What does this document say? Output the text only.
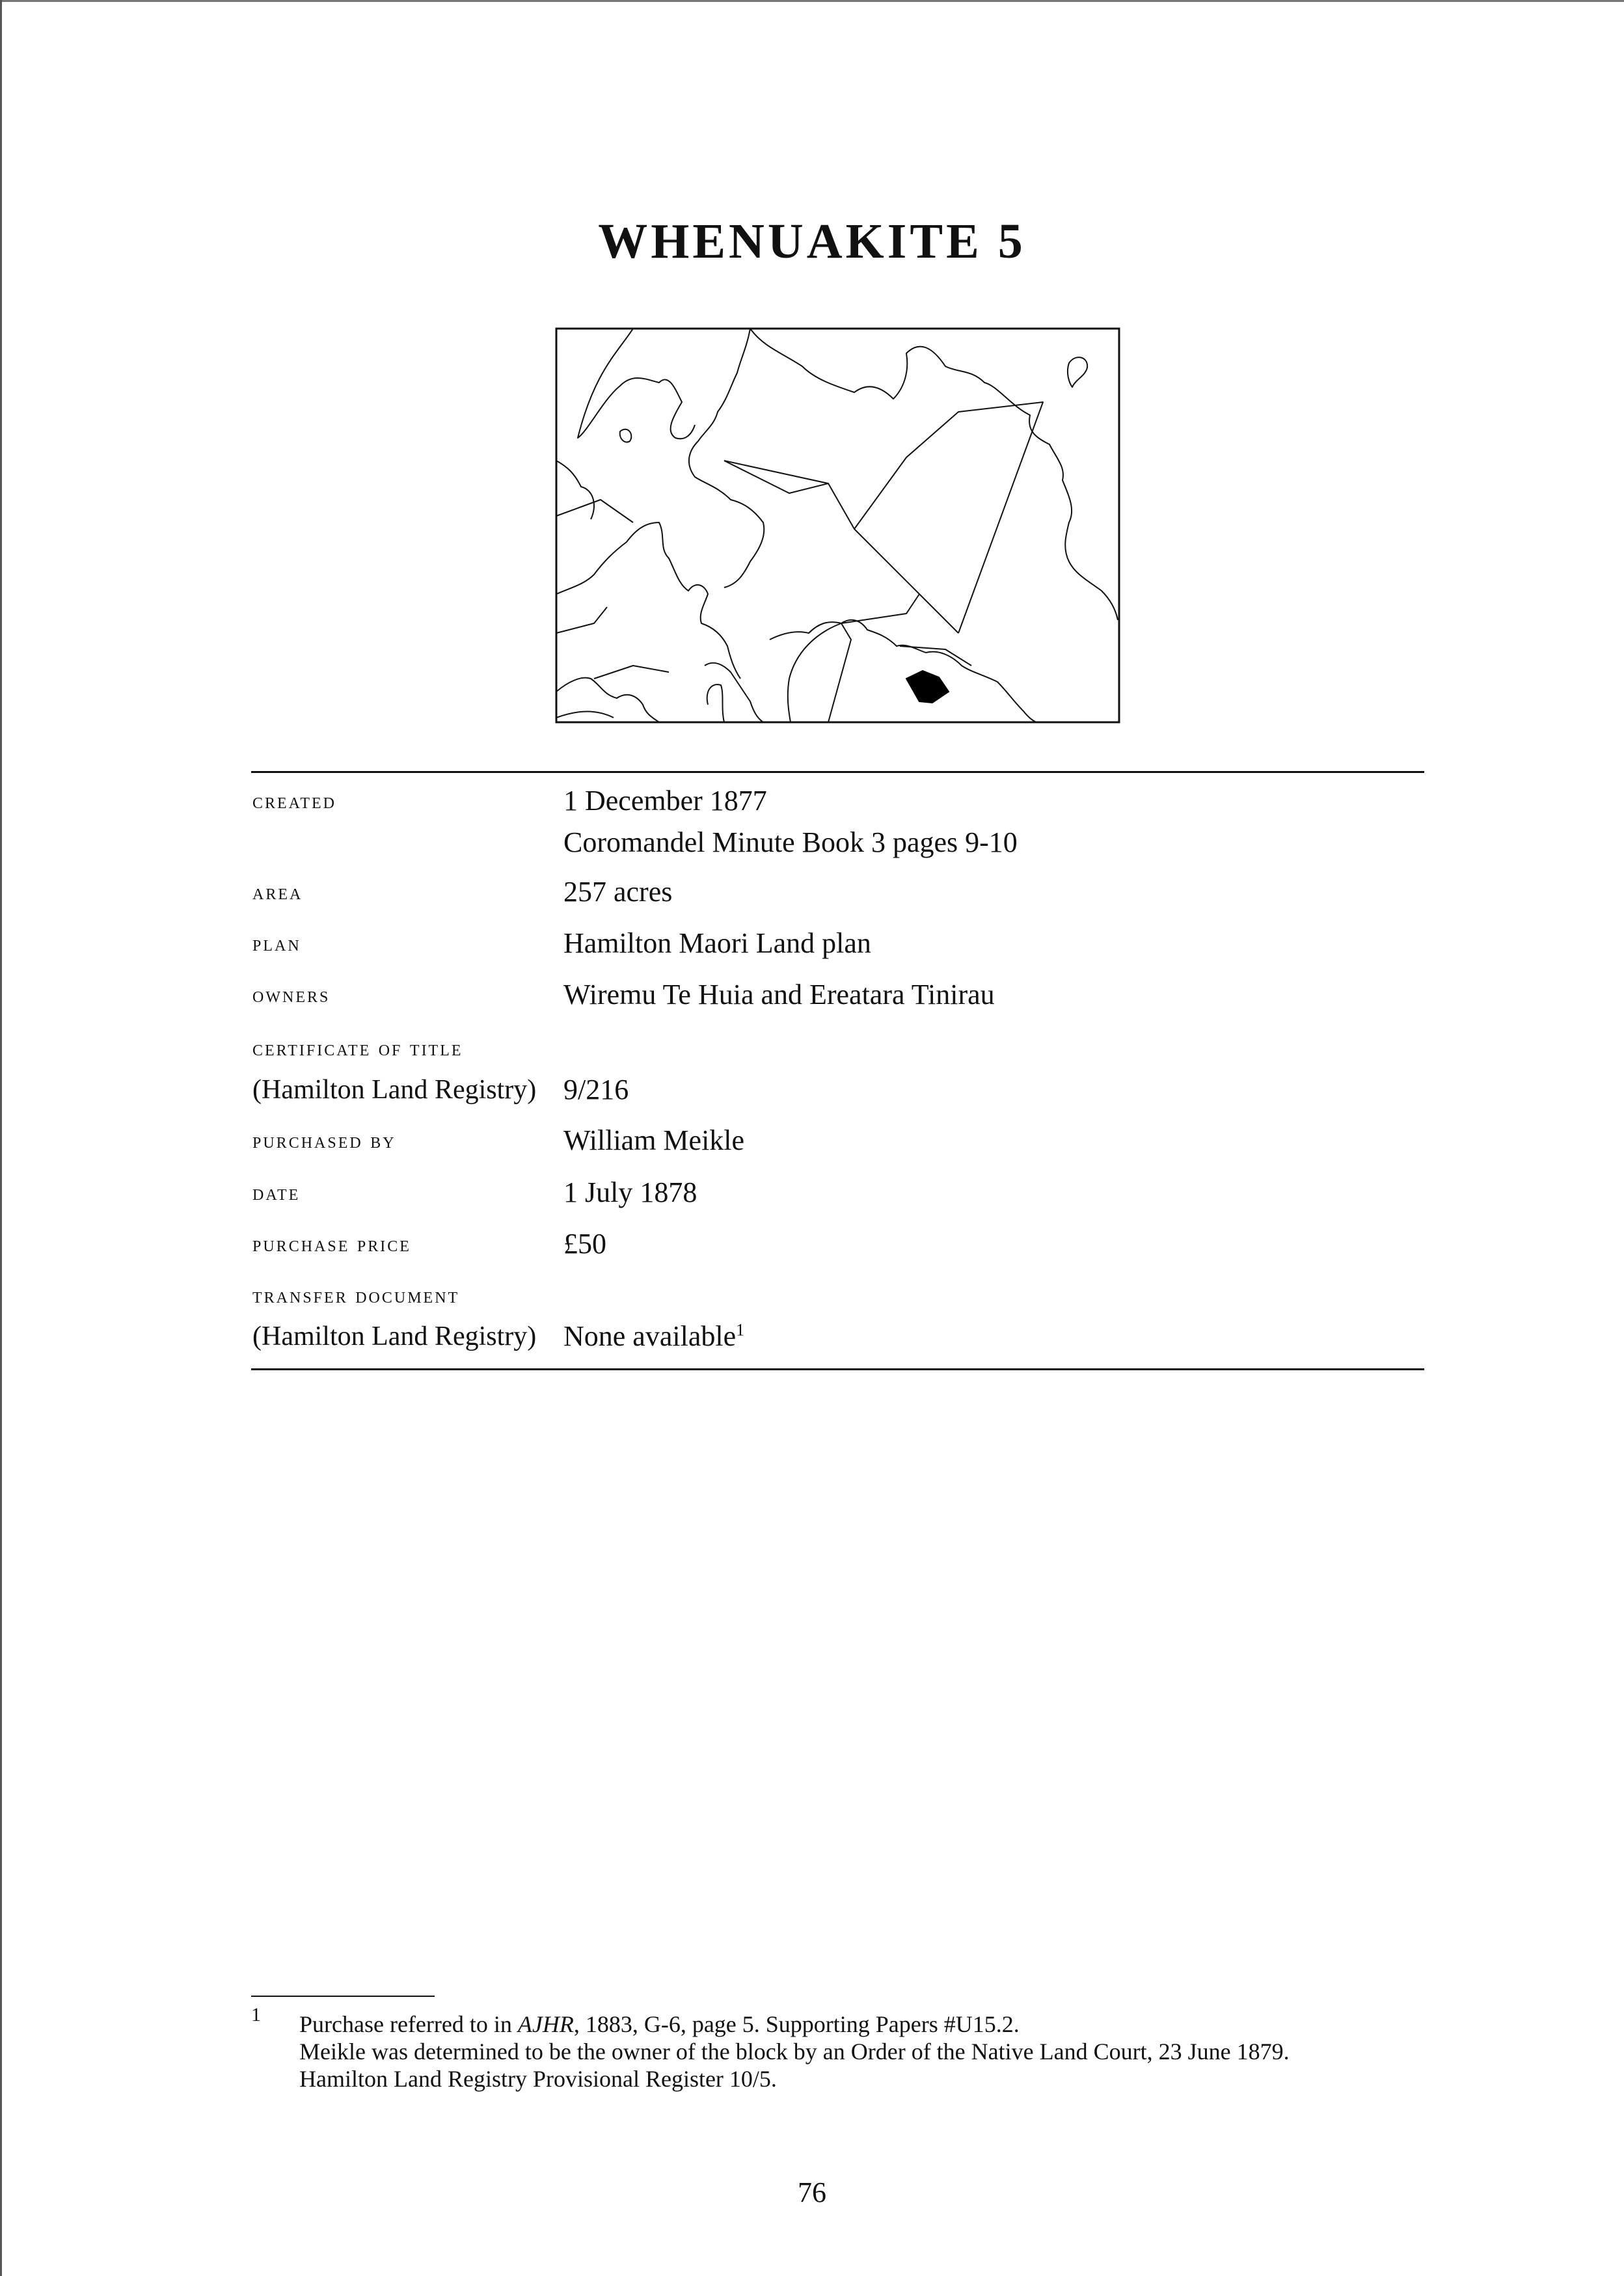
WHENUAKITE 5
created	1 December 1877
Coromandel Minute Book 3 pages 9-10
area	257 acres
plan	Hamilton Maori Land plan
owners	Wiremu Te Huia and Ereatara Tinirau
certificate of title
(Hamilton Land Registry) 9/216
purchased by	William Meikle
date	1 July 1878
purchase price	£50
transfer document
(Hamilton Land Registry) None available$^1$
1 Purchase referred to in AJHR, 1883, G-6, page 5. Supporting Papers #U15.2.
Meikle was determined to be the owner of the block by an Order of the Native Land Court, 23 June 1879.
Hamilton Land Registry Provisional Register 10/5.
76
